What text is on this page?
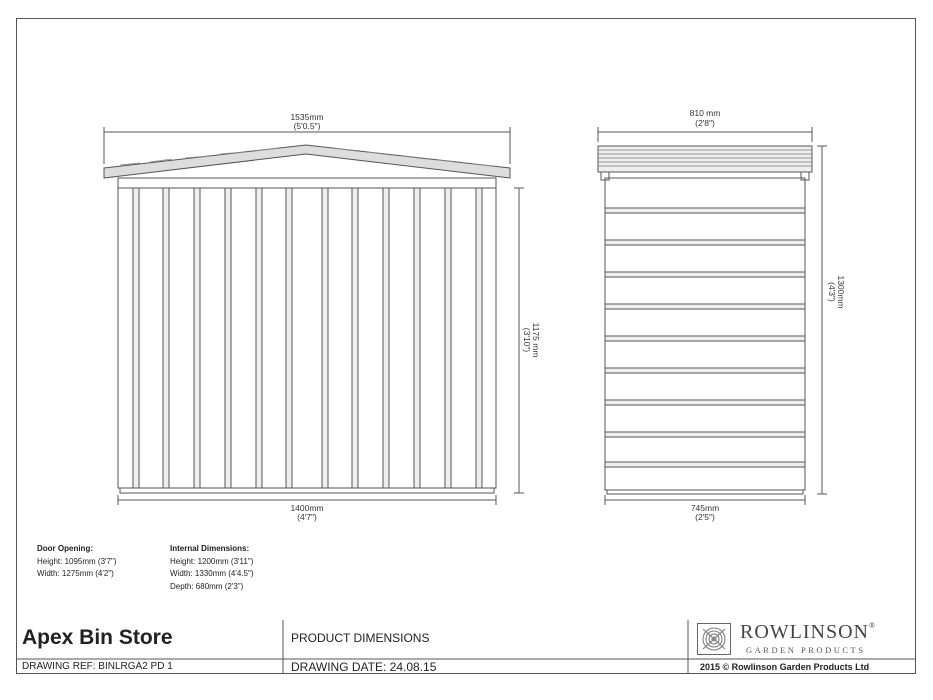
1535mm
(5'0.5")
1400mm
(4'7")
1175 mm
(3'10")
810 mm
(2'8")
745mm
(2'5")
1300mm
(4'3")
Door Opening:
Height: 1095mm (3'7")
Width: 1275mm (4'2")
Internal Dimensions:
Height: 1200mm (3'11")
Width: 1330mm (4'4.5")
Depth: 680mm (2'3")
Apex Bin Store
DRAWING REF: BINLRGA2 PD 1
PRODUCT DIMENSIONS
DRAWING DATE: 24.08.15
ROWLINSON®
GARDEN PRODUCTS
2015 © Rowlinson Garden Products Ltd
